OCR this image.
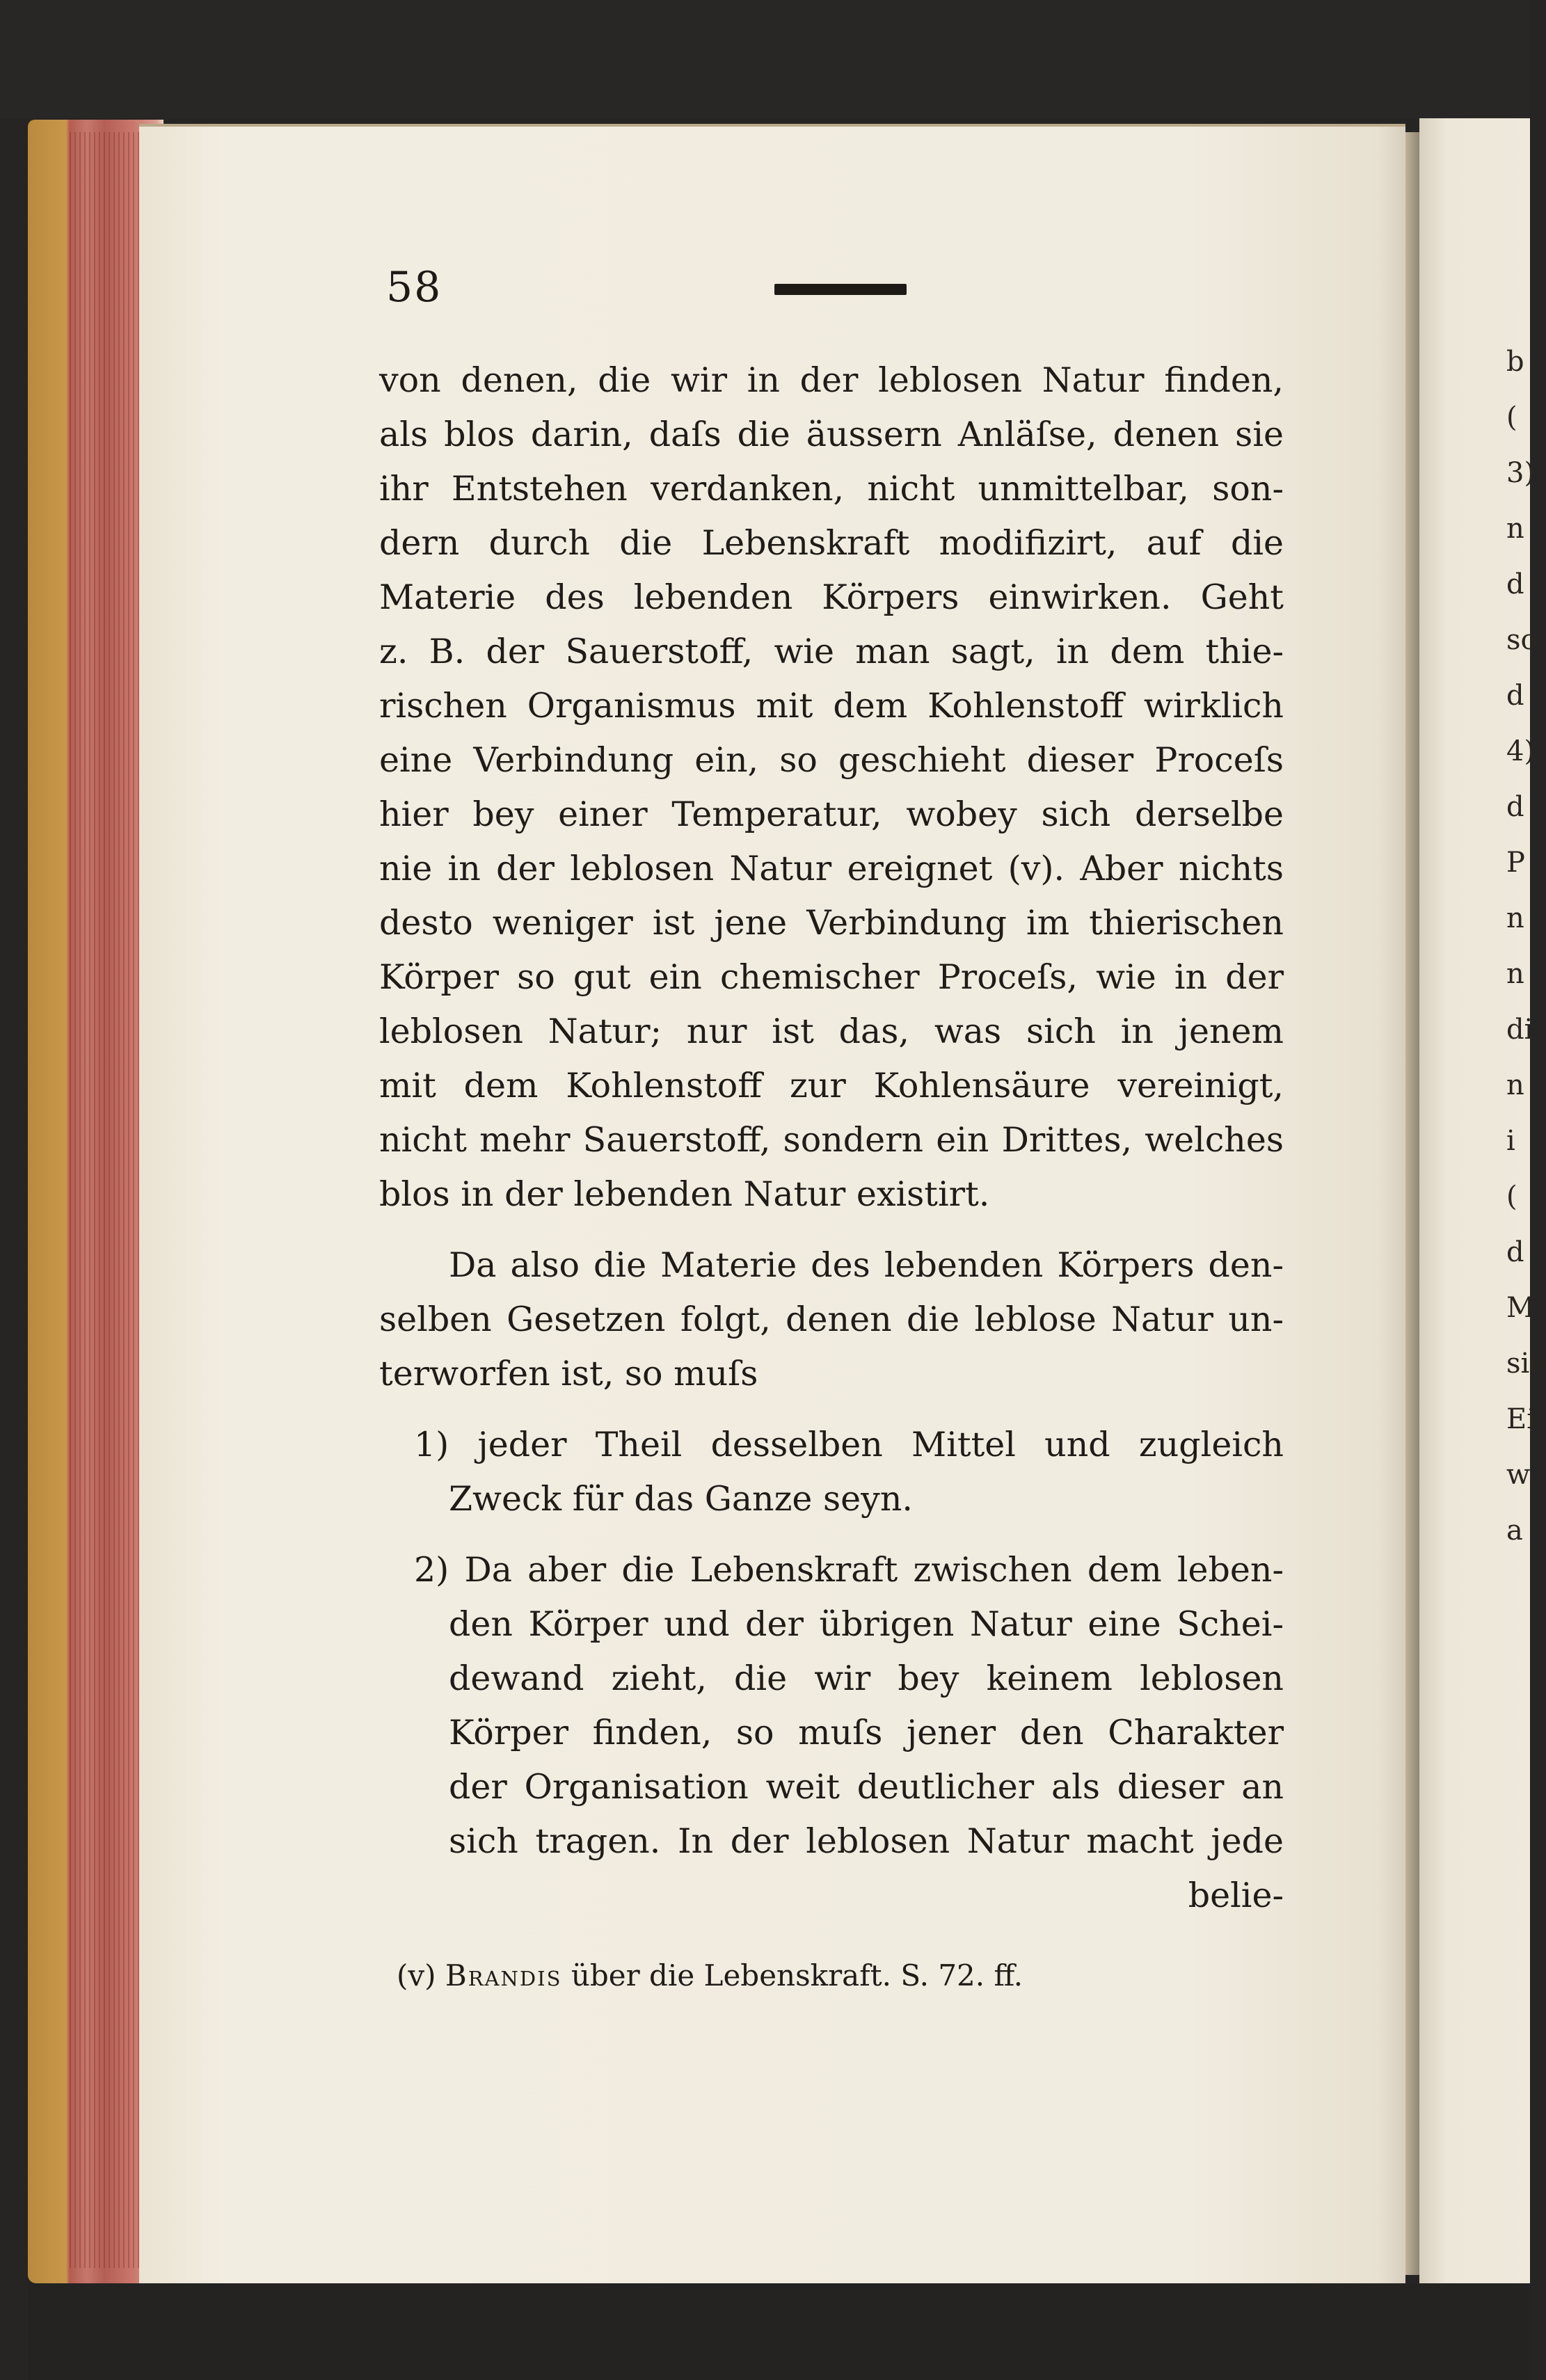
b
(
3)
n
d
so
d
4)
d
P
n
n
di
n
i
(
d
M
sie
Ei
w
a
58
von denen, die wir in der leblosen Natur finden,
als blos darin, daſs die äussern Anläſse, denen sie
ihr Entstehen verdanken, nicht unmittelbar, son-
dern durch die Lebenskraft modifizirt, auf die
Materie des lebenden Körpers einwirken. Geht
z. B. der Sauerstoff, wie man sagt, in dem thie-
rischen Organismus mit dem Kohlenstoff wirklich
eine Verbindung ein, so geschieht dieser Proceſs
hier bey einer Temperatur, wobey sich derselbe
nie in der leblosen Natur ereignet (v). Aber nichts
desto weniger ist jene Verbindung im thierischen
Körper so gut ein chemischer Proceſs, wie in der
leblosen Natur; nur ist das, was sich in jenem
mit dem Kohlenstoff zur Kohlensäure vereinigt,
nicht mehr Sauerstoff, sondern ein Drittes, welches
blos in der lebenden Natur existirt.
Da also die Materie des lebenden Körpers den-
selben Gesetzen folgt, denen die leblose Natur un-
terworfen ist, so muſs
1) jeder Theil desselben Mittel und zugleich
Zweck für das Ganze seyn.
2) Da aber die Lebenskraft zwischen dem leben-
den Körper und der übrigen Natur eine Schei-
dewand zieht, die wir bey keinem leblosen
Körper finden, so muſs jener den Charakter
der Organisation weit deutlicher als dieser an
sich tragen. In der leblosen Natur macht jede
belie-
(v) Brandis über die Lebenskraft. S. 72. ff.
